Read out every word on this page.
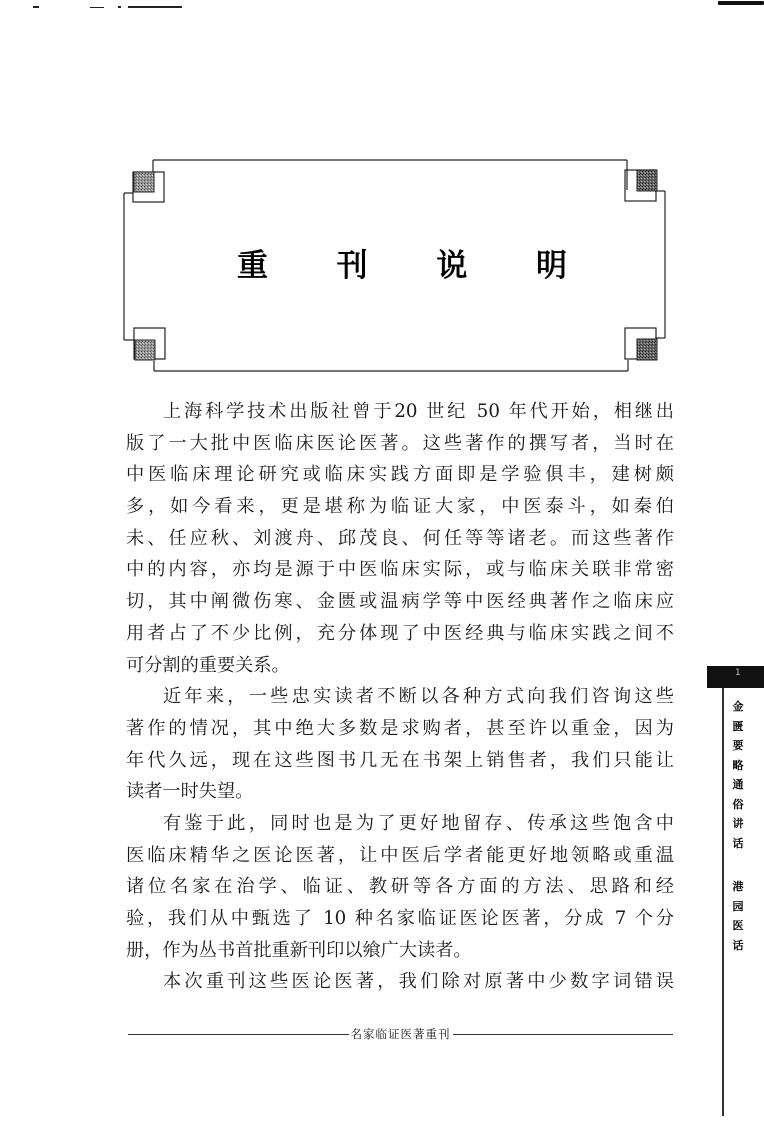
重 刊 说 明
上海科学技术出版社曾于20 世纪 50 年代开始，相继出
版了一大批中医临床医论医著。这些著作的撰写者，当时在
中医临床理论研究或临床实践方面即是学验俱丰，建树颇
多，如今看来，更是堪称为临证大家，中医泰斗，如秦伯
未、任应秋、刘渡舟、邱茂良、何任等等诸老。而这些著作
中的内容，亦均是源于中医临床实际，或与临床关联非常密
切，其中阐微伤寒、金匮或温病学等中医经典著作之临床应
用者占了不少比例，充分体现了中医经典与临床实践之间不
可分割的重要关系。
近年来，一些忠实读者不断以各种方式向我们咨询这些
著作的情况，其中绝大多数是求购者，甚至许以重金，因为
年代久远，现在这些图书几无在书架上销售者，我们只能让
读者一时失望。
有鉴于此，同时也是为了更好地留存、传承这些饱含中
医临床精华之医论医著，让中医后学者能更好地领略或重温
诸位名家在治学、临证、教研等各方面的方法、思路和经
验，我们从中甄选了 10 种名家临证医论医著，分成 7 个分
册，作为丛书首批重新刊印以飨广大读者。
本次重刊这些医论医著，我们除对原著中少数字词错误
名家临证医著重刊
1
金
匮
要
略
通
俗
讲
话
港
园
医
话
